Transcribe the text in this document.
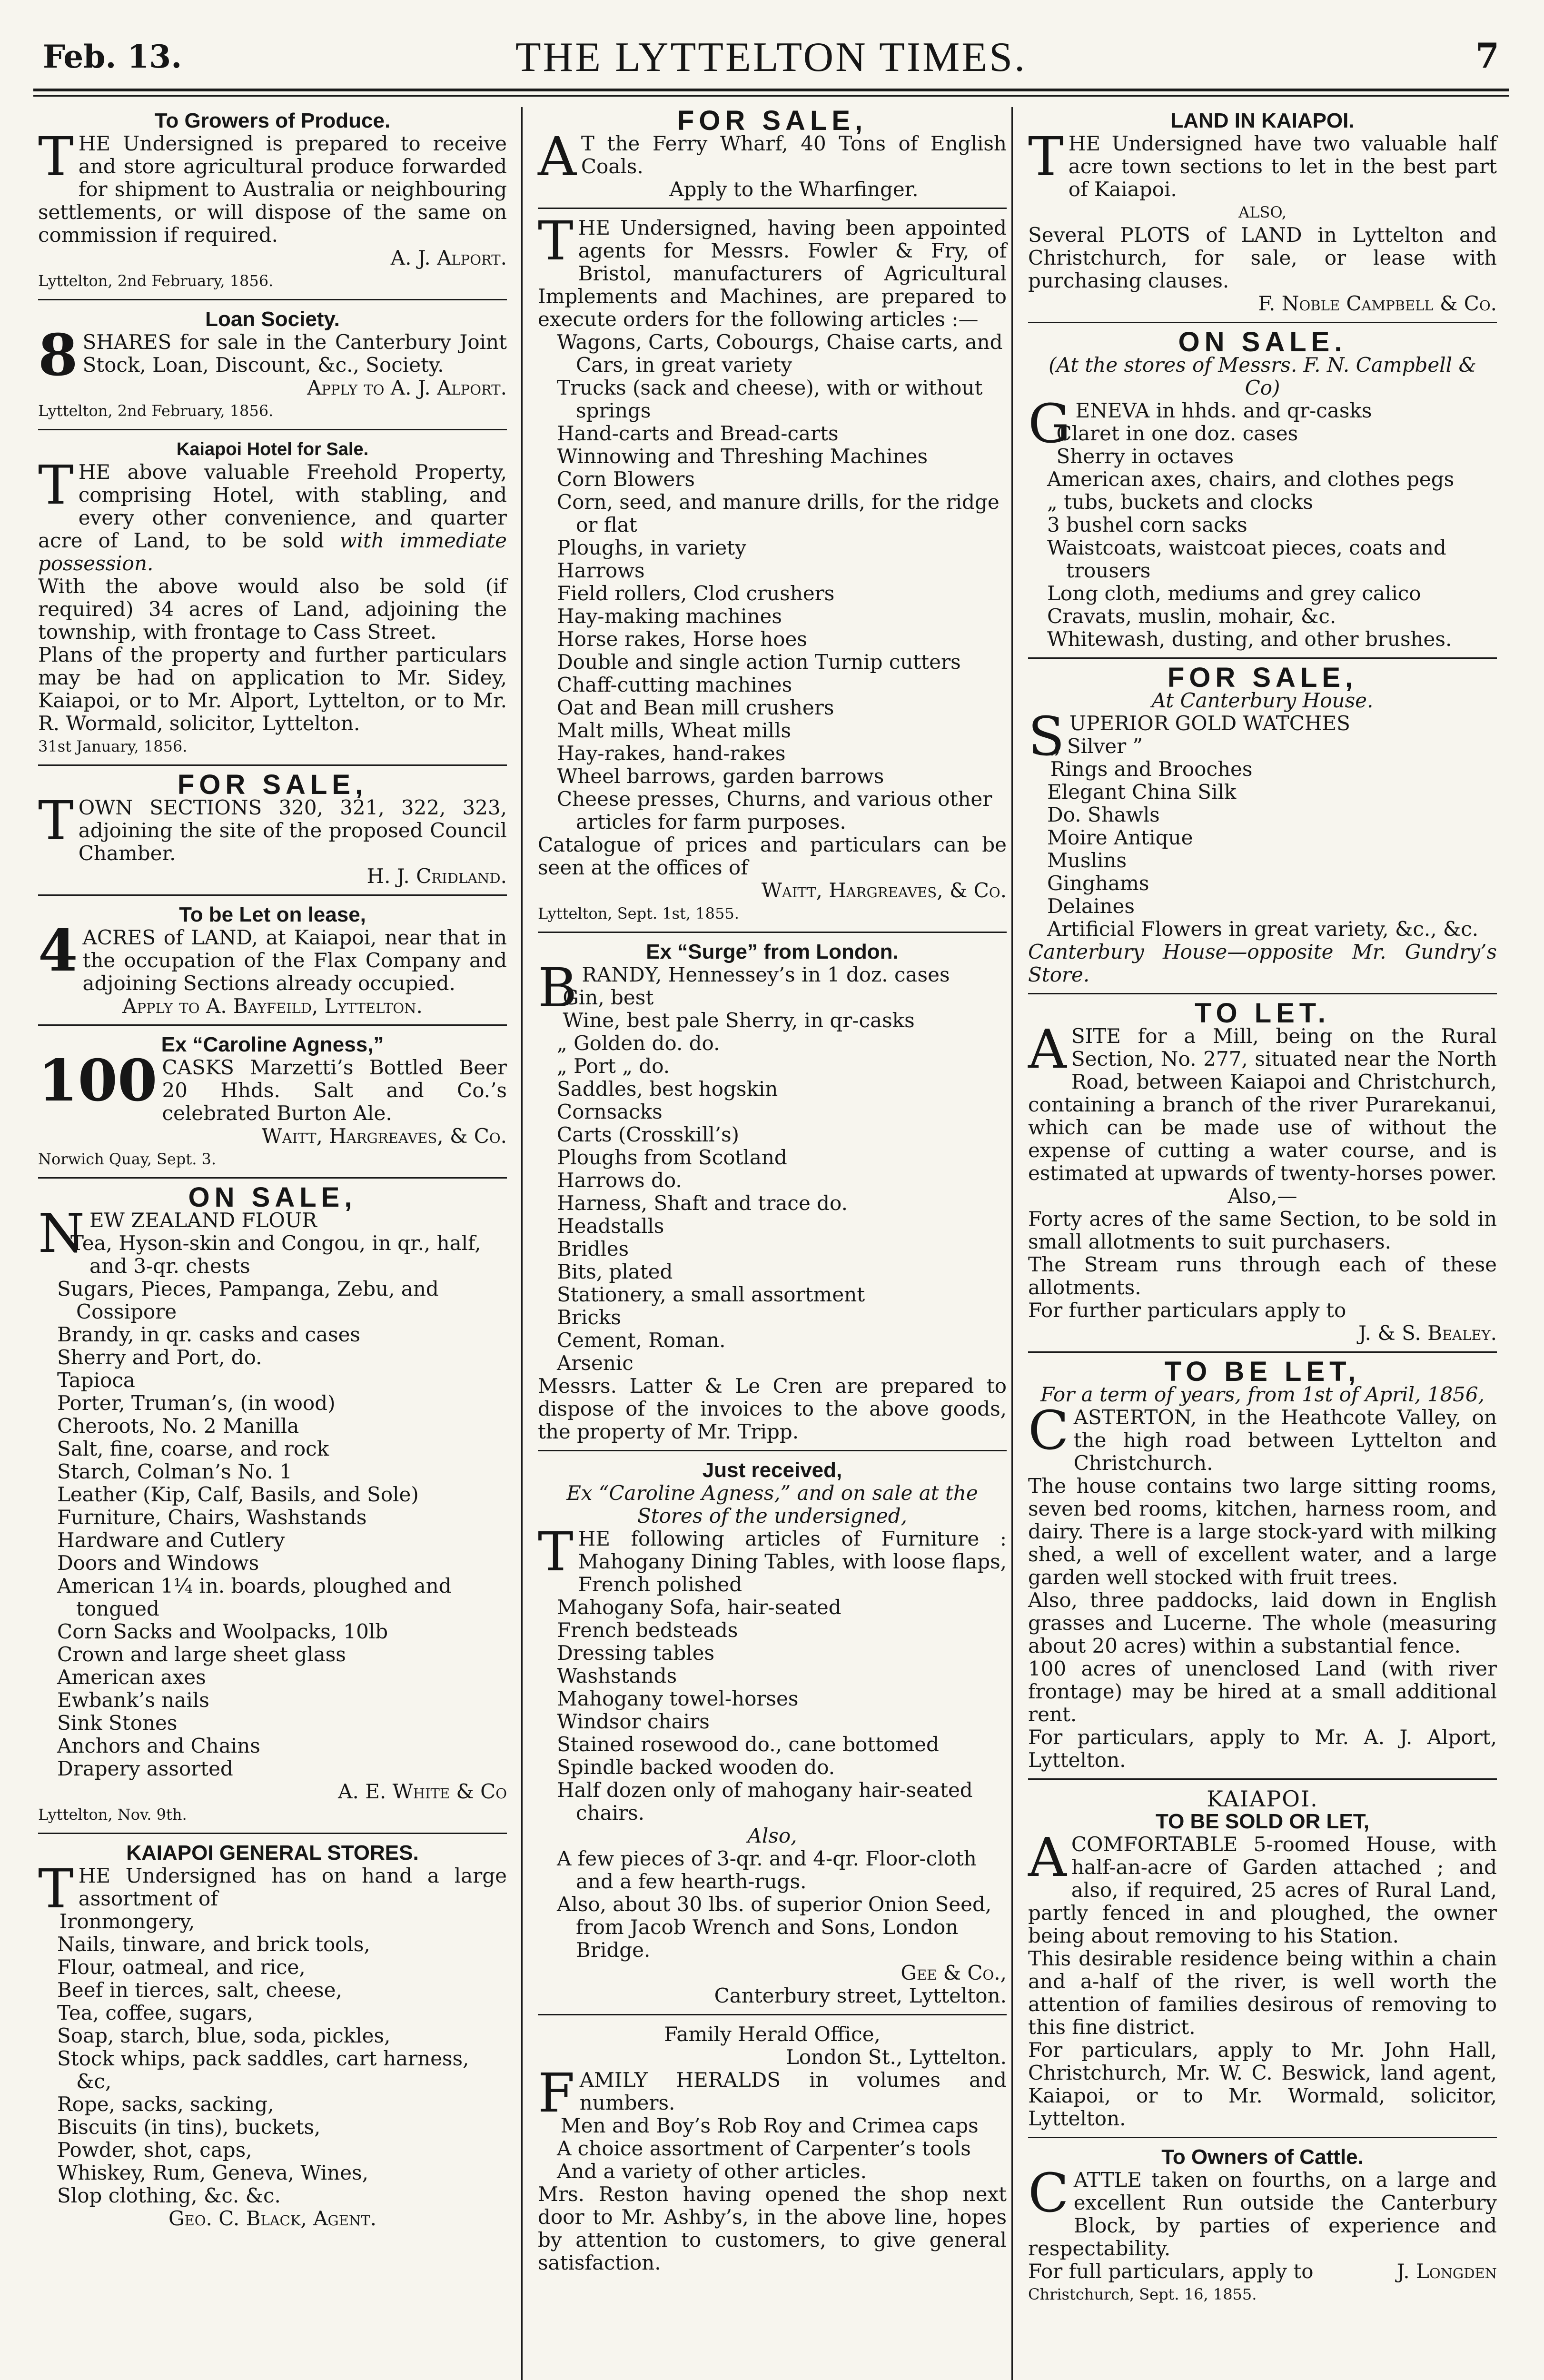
Feb. 13.	THE LYTTELTON TIMES.	7
To Growers of Produce.

THE Undersigned is prepared to receive and store agricultural produce forwarded for shipment to Australia or neighbouring settlements, or will dispose of the same on commission if required.

A. J. Alport.

Lyttelton, 2nd February, 1856.

Loan Society.

8 SHARES for sale in the Canterbury Joint Stock, Loan, Discount, &c., Society.

Apply to A. J. Alport.

Lyttelton, 2nd February, 1856.

Kaiapoi Hotel for Sale.

THE above valuable Freehold Property, comprising Hotel, with stabling, and every other convenience, and quarter acre of Land, to be sold with immediate possession.

With the above would also be sold (if required) 34 acres of Land, adjoining the township, with frontage to Cass Street.

Plans of the property and further particulars may be had on application to Mr. Sidey, Kaiapoi, or to Mr. Alport, Lyttelton, or to Mr. R. Wormald, solicitor, Lyttelton.

31st January, 1856.

FOR SALE,

TOWN SECTIONS 320, 321, 322, 323, adjoining the site of the proposed Council Chamber.

H. J. Cridland.

To be Let on lease,

4 ACRES of LAND, at Kaiapoi, near that in the occupation of the Flax Company and adjoining Sections already occupied.

Apply to A. Bayfeild, Lyttelton.

Ex “Caroline Agness,”

100 CASKS Marzetti’s Bottled Beer 20 Hhds. Salt and Co.’s celebrated Burton Ale.

Waitt, Hargreaves, & Co.

Norwich Quay, Sept. 3.

ON SALE,

NEW ZEALAND FLOUR

Tea, Hyson-skin and Congou, in qr., half, and 3-qr. chests
Sugars, Pieces, Pampanga, Zebu, and Cossipore
Brandy, in qr. casks and cases
Sherry and Port, do.
Tapioca
Porter, Truman’s, (in wood)
Cheroots, No. 2 Manilla
Salt, fine, coarse, and rock
Starch, Colman’s No. 1
Leather (Kip, Calf, Basils, and Sole)
Furniture, Chairs, Washstands
Hardware and Cutlery
Doors and Windows
American 1¼ in. boards, ploughed and tongued
Corn Sacks and Woolpacks, 10lb
Crown and large sheet glass
American axes
Ewbank’s nails
Sink Stones
Anchors and Chains
Drapery assorted

A. E. White & Co

Lyttelton, Nov. 9th.

KAIAPOI GENERAL STORES.

THE Undersigned has on hand a large assortment of

Ironmongery,
Nails, tinware, and brick tools,
Flour, oatmeal, and rice,
Beef in tierces, salt, cheese,
Tea, coffee, sugars,
Soap, starch, blue, soda, pickles,
Stock whips, pack saddles, cart harness, &c,
Rope, sacks, sacking,
Biscuits (in tins), buckets,
Powder, shot, caps,
Whiskey, Rum, Geneva, Wines,
Slop clothing, &c. &c.

Geo. C. Black, Agent.

FOR SALE,

A T the Ferry Wharf, 40 Tons of English Coals.

Apply to the Wharfinger.

THE Undersigned, having been appointed agents for Messrs. Fowler & Fry, of Bristol, manufacturers of Agricultural Implements and Machines, are prepared to execute orders for the following articles :—

Wagons, Carts, Cobourgs, Chaise carts, and Cars, in great variety
Trucks (sack and cheese), with or without springs
Hand-carts and Bread-carts
Winnowing and Threshing Machines
Corn Blowers
Corn, seed, and manure drills, for the ridge or flat
Ploughs, in variety
Harrows
Field rollers, Clod crushers
Hay-making machines
Horse rakes, Horse hoes
Double and single action Turnip cutters
Chaff-cutting machines
Oat and Bean mill crushers
Malt mills, Wheat mills
Hay-rakes, hand-rakes
Wheel barrows, garden barrows
Cheese presses, Churns, and various other articles for farm purposes.

Catalogue of prices and particulars can be seen at the offices of

Waitt, Hargreaves, & Co.

Lyttelton, Sept. 1st, 1855.

Ex “Surge” from London.

BRANDY, Hennessey’s in 1 doz. cases

Gin, best
Wine, best pale Sherry, in qr-casks
„ Golden do. do.
„ Port „ do.
Saddles, best hogskin
Cornsacks
Carts (Crosskill’s)
Ploughs from Scotland
Harrows do.
Harness, Shaft and trace do.
Headstalls
Bridles
Bits, plated
Stationery, a small assortment
Bricks
Cement, Roman.
Arsenic

Messrs. Latter & Le Cren are prepared to dispose of the invoices to the above goods, the property of Mr. Tripp.

Just received,

Ex “Caroline Agness,” and on sale at the Stores of the undersigned,

THE following articles of Furniture : Mahogany Dining Tables, with loose flaps, French polished

Mahogany Sofa, hair-seated
French bedsteads
Dressing tables
Washstands
Mahogany towel-horses
Windsor chairs
Stained rosewood do., cane bottomed
Spindle backed wooden do.
Half dozen only of mahogany hair-seated chairs.

Also,

A few pieces of 3-qr. and 4-qr. Floor-cloth and a few hearth-rugs.
Also, about 30 lbs. of superior Onion Seed, from Jacob Wrench and Sons, London Bridge.

Gee & Co.,

Canterbury street, Lyttelton.

Family Herald Office,

London St., Lyttelton.

FAMILY HERALDS in volumes and numbers.

Men and Boy’s Rob Roy and Crimea caps
A choice assortment of Carpenter’s tools
And a variety of other articles.

Mrs. Reston having opened the shop next door to Mr. Ashby’s, in the above line, hopes by attention to customers, to give general satisfaction.

LAND IN KAIAPOI.

THE Undersigned have two valuable half acre town sections to let in the best part of Kaiapoi.

ALSO,

Several PLOTS of LAND in Lyttelton and Christchurch, for sale, or lease with purchasing clauses.

F. Noble Campbell & Co.

ON SALE.

(At the stores of Messrs. F. N. Campbell & Co)

GENEVA in hhds. and qr-casks

Claret in one doz. cases
Sherry in octaves
American axes, chairs, and clothes pegs
„ tubs, buckets and clocks
3 bushel corn sacks
Waistcoats, waistcoat pieces, coats and trousers
Long cloth, mediums and grey calico
Cravats, muslin, mohair, &c.
Whitewash, dusting, and other brushes.
FOR SALE,

At Canterbury House.

SUPERIOR GOLD WATCHES

„ Silver ”
Rings and Brooches
Elegant China Silk
Do. Shawls
Moire Antique
Muslins
Ginghams
Delaines
Artificial Flowers in great variety, &c., &c.

Canterbury House—opposite Mr. Gundry’s Store.

TO LET.

ASITE for a Mill, being on the Rural Section, No. 277, situated near the North Road, between Kaiapoi and Christchurch, containing a branch of the river Purarekanui, which can be made use of without the expense of cutting a water course, and is estimated at upwards of twenty-horses power.

Also,—

Forty acres of the same Section, to be sold in small allotments to suit purchasers.

The Stream runs through each of these allotments.

For further particulars apply to

J. & S. Bealey.

TO BE LET,

For a term of years, from 1st of April, 1856,

CASTERTON, in the Heathcote Valley, on the high road between Lyttelton and Christchurch.

The house contains two large sitting rooms, seven bed rooms, kitchen, harness room, and dairy. There is a large stock-yard with milking shed, a well of excellent water, and a large garden well stocked with fruit trees.

Also, three paddocks, laid down in English grasses and Lucerne. The whole (measuring about 20 acres) within a substantial fence.

100 acres of unenclosed Land (with river frontage) may be hired at a small additional rent.

For particulars, apply to Mr. A. J. Alport, Lyttelton.

KAIAPOI.
TO BE SOLD OR LET,

ACOMFORTABLE 5-roomed House, with half-an-acre of Garden attached ; and also, if required, 25 acres of Rural Land, partly fenced in and ploughed, the owner being about removing to his Station.

This desirable residence being within a chain and a-half of the river, is well worth the attention of families desirous of removing to this fine district.

For particulars, apply to Mr. John Hall, Christchurch, Mr. W. C. Beswick, land agent, Kaiapoi, or to Mr. Wormald, solicitor, Lyttelton.

To Owners of Cattle.

CATTLE taken on fourths, on a large and excellent Run outside the Canterbury Block, by parties of experience and respectability.

For full particulars, apply to	J. Longden

Christchurch, Sept. 16, 1855.
